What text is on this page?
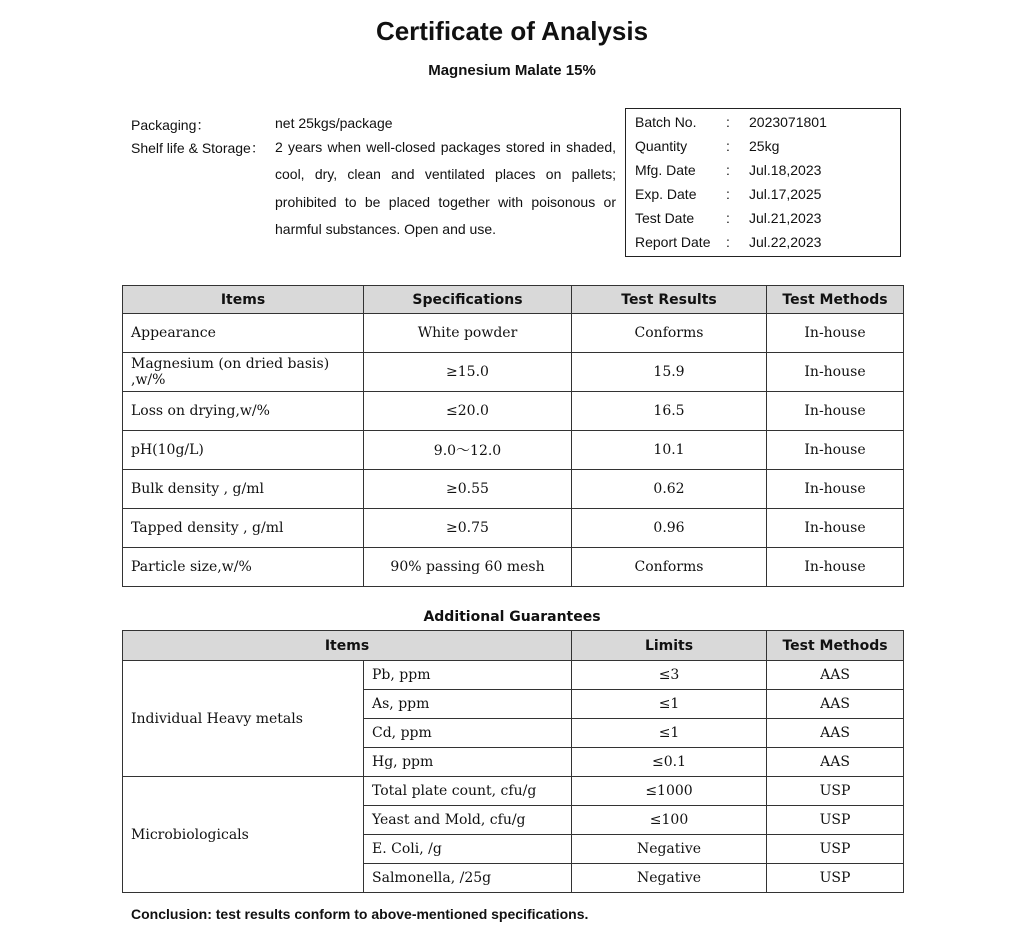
Certificate of Analysis
Magnesium Malate 15%
Packaging：	net 25kgs/package
Shelf life & Storage： 2 years when well-closed packages stored in shaded, cool, dry, clean and ventilated places on pallets; prohibited to be placed together with poisonous or harmful substances. Open and use.
Batch No. : 2023071801
Quantity	: 25kg
Mfg. Date : Jul.18,2023
Exp. Date : Jul.17,2025
Test Date : Jul.21,2023
Report Date : Jul.22,2023
Items	Specifications	Test Results	Test Methods
Appearance	White powder	Conforms	In-house
Magnesium (on dried basis) ,w/%	≥15.0	15.9	In-house
Loss on drying,w/%	≤20.0	16.5	In-house
pH(10g/L)	9.0～12.0	10.1	In-house
Bulk density , g/ml	≥0.55	0.62	In-house
Tapped density , g/ml	≥0.75	0.96	In-house
Particle size,w/%	90% passing 60 mesh	Conforms	In-house
Additional Guarantees
Items		Limits	Test Methods
Individual Heavy metals	Pb, ppm	≤3	AAS
	As, ppm	≤1	AAS
	Cd, ppm	≤1	AAS
	Hg, ppm	≤0.1	AAS
Microbiologicals	Total plate count, cfu/g	≤1000	USP
	Yeast and Mold, cfu/g	≤100	USP
	E. Coli, /g	Negative	USP
	Salmonella, /25g	Negative	USP
Conclusion: test results conform to above-mentioned specifications.
